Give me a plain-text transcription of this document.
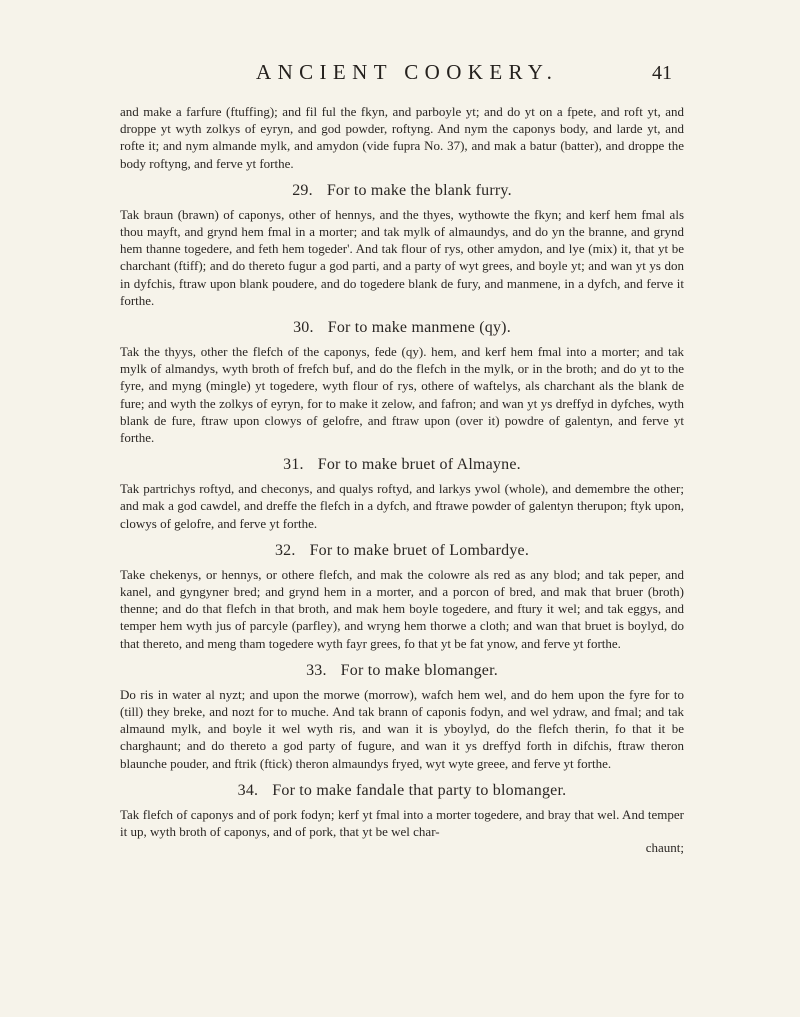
ANCIENT COOKERY.	41

and make a farfure (ftuffing); and fil ful the fkyn, and parboyle yt; and do yt on a fpete, and roft yt, and droppe yt wyth zolkys of eyryn, and god powder, roftyng. And nym the caponys body, and larde yt, and rofte it; and nym almande mylk, and amydon (vide fupra No. 37), and mak a batur (batter), and droppe the body roftyng, and ferve yt forthe.

29. For to make the blank furry.

Tak braun (brawn) of caponys, other of hennys, and the thyes, wythowte the fkyn; and kerf hem fmal als thou mayft, and grynd hem fmal in a morter; and tak mylk of almaundys, and do yn the branne, and grynd hem thanne togedere, and feth hem togeder'. And tak flour of rys, other amydon, and lye (mix) it, that yt be charchant (ftiff); and do thereto fugur a god parti, and a party of wyt grees, and boyle yt; and wan yt ys don in dyfchis, ftraw upon blank poudere, and do togedere blank de fury, and manmene, in a dyfch, and ferve it forthe.

30. For to make manmene (qy).

Tak the thyys, other the flefch of the caponys, fede (qy). hem, and kerf hem fmal into a morter; and tak mylk of almandys, wyth broth of frefch buf, and do the flefch in the mylk, or in the broth; and do yt to the fyre, and myng (mingle) yt togedere, wyth flour of rys, othere of waftelys, als charchant als the blank de fure; and wyth the zolkys of eyryn, for to make it zelow, and fafron; and wan yt ys dreffyd in dyfches, wyth blank de fure, ftraw upon clowys of gelofre, and ftraw upon (over it) powdre of galentyn, and ferve yt forthe.

31. For to make bruet of Almayne.

Tak partrichys roftyd, and checonys, and qualys roftyd, and larkys ywol (whole), and demembre the other; and mak a god cawdel, and dreffe the flefch in a dyfch, and ftrawe powder of galentyn therupon; ftyk upon, clowys of gelofre, and ferve yt forthe.

32. For to make bruet of Lombardye.

Take chekenys, or hennys, or othere flefch, and mak the colowre als red as any blod; and tak peper, and kanel, and gyngyner bred; and grynd hem in a morter, and a porcon of bred, and mak that bruer (broth) thenne; and do that flefch in that broth, and mak hem boyle togedere, and ftury it wel; and tak eggys, and temper hem wyth jus of parcyle (parfley), and wryng hem thorwe a cloth; and wan that bruet is boylyd, do that thereto, and meng tham togedere wyth fayr grees, fo that yt be fat ynow, and ferve yt forthe.

33. For to make blomanger.

Do ris in water al nyzt; and upon the morwe (morrow), wafch hem wel, and do hem upon the fyre for to (till) they breke, and nozt for to muche. And tak brann of caponis fodyn, and wel ydraw, and fmal; and tak almaund mylk, and boyle it wel wyth ris, and wan it is yboylyd, do the flefch therin, fo that it be charghaunt; and do thereto a god party of fugure, and wan it ys dreffyd forth in difchis, ftraw theron blaunche pouder, and ftrik (ftick) theron almaundys fryed, wyt wyte greee, and ferve yt forthe.

34. For to make fandale that party to blomanger.

Tak flefch of caponys and of pork fodyn; kerf yt fmal into a morter togedere, and bray that wel. And temper it up, wyth broth of caponys, and of pork, that yt be wel char-

chaunt;
